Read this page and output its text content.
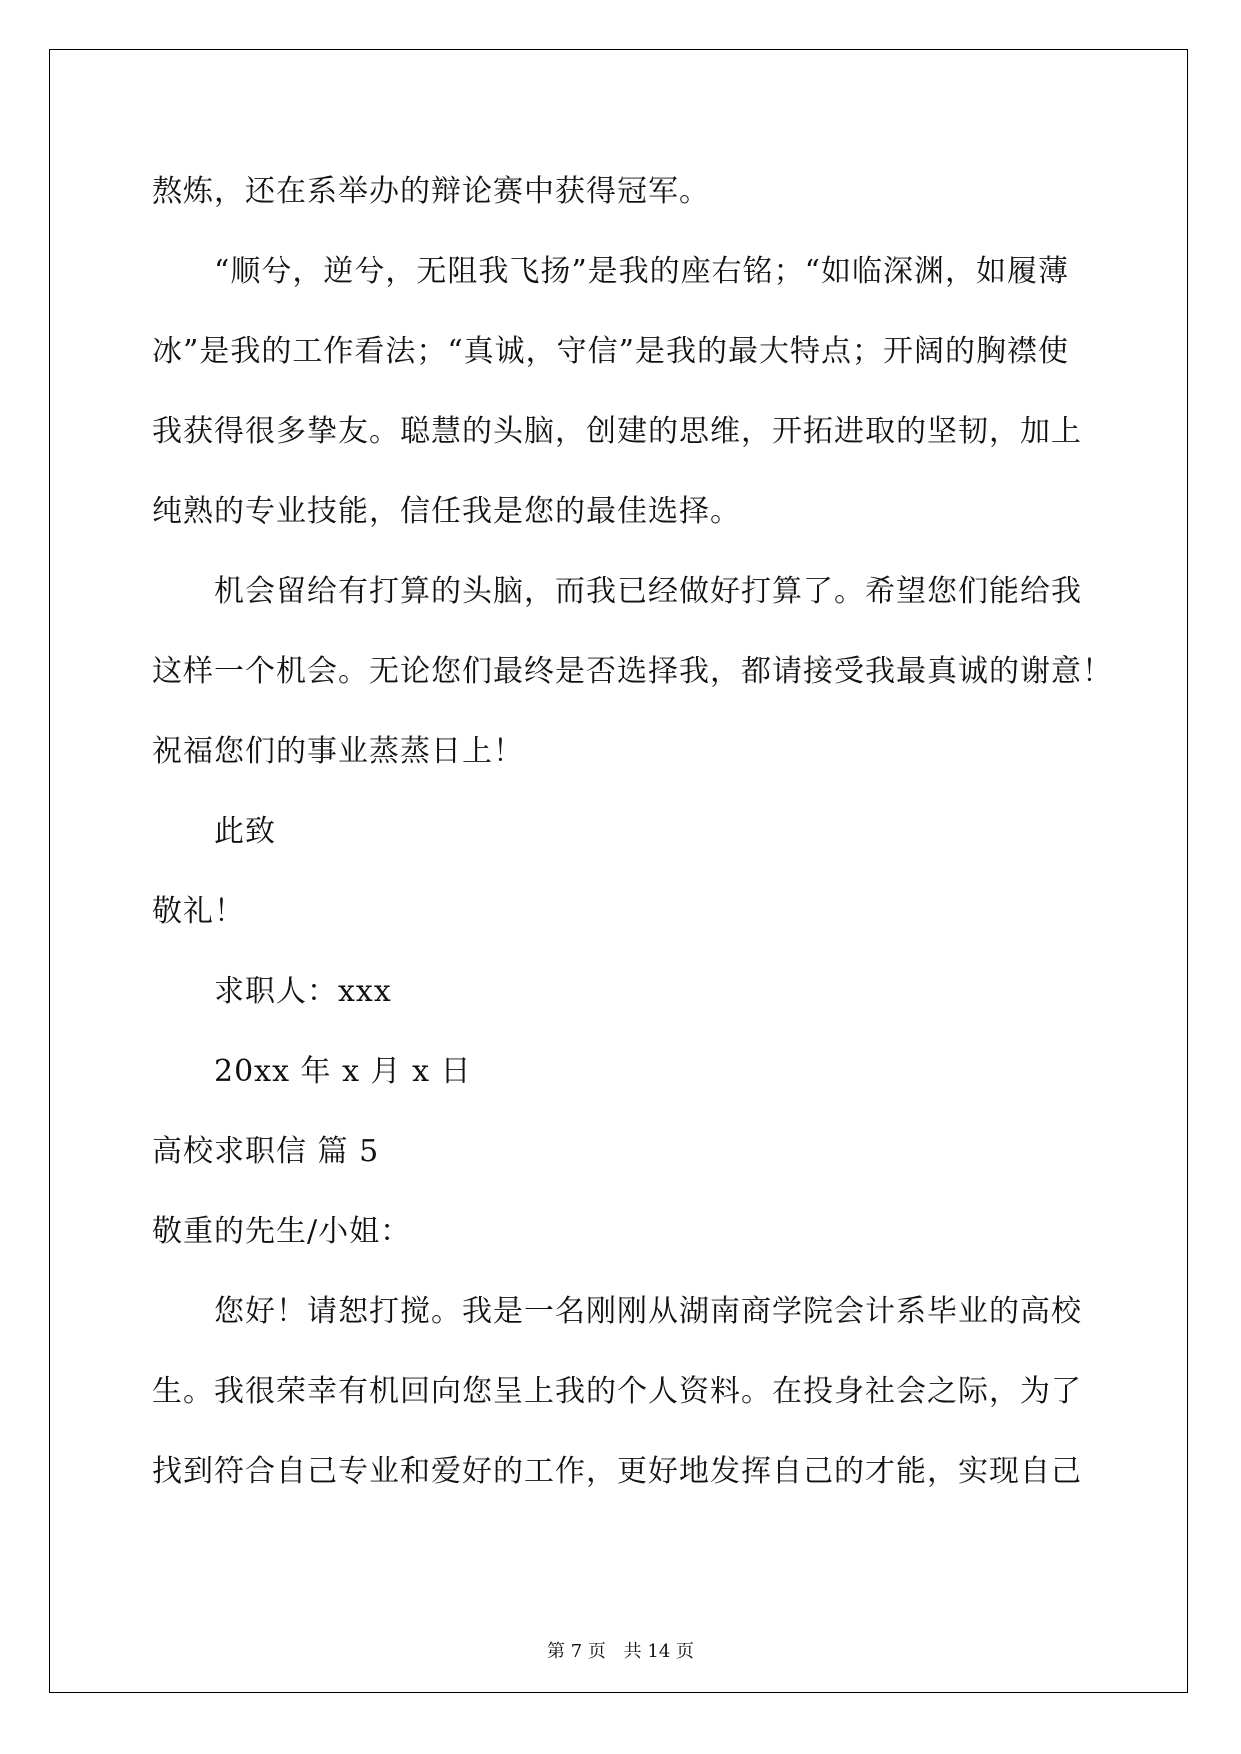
熬炼，还在系举办的辩论赛中获得冠军。
“顺兮，逆兮，无阻我飞扬”是我的座右铭；“如临深渊，如履薄
冰”是我的工作看法；“真诚，守信”是我的最大特点；开阔的胸襟使
我获得很多挚友。聪慧的头脑，创建的思维，开拓进取的坚韧，加上
纯熟的专业技能，信任我是您的最佳选择。
机会留给有打算的头脑，而我已经做好打算了。希望您们能给我
这样一个机会。无论您们最终是否选择我，都请接受我最真诚的谢意！
祝福您们的事业蒸蒸日上！
此致
敬礼！
求职人：xxx
20xx 年 x 月 x 日
高校求职信 篇 5
敬重的先生/小姐：
您好！请恕打搅。我是一名刚刚从湖南商学院会计系毕业的高校
生。我很荣幸有机回向您呈上我的个人资料。在投身社会之际，为了
找到符合自己专业和爱好的工作，更好地发挥自己的才能，实现自己
第 7 页 共 14 页
